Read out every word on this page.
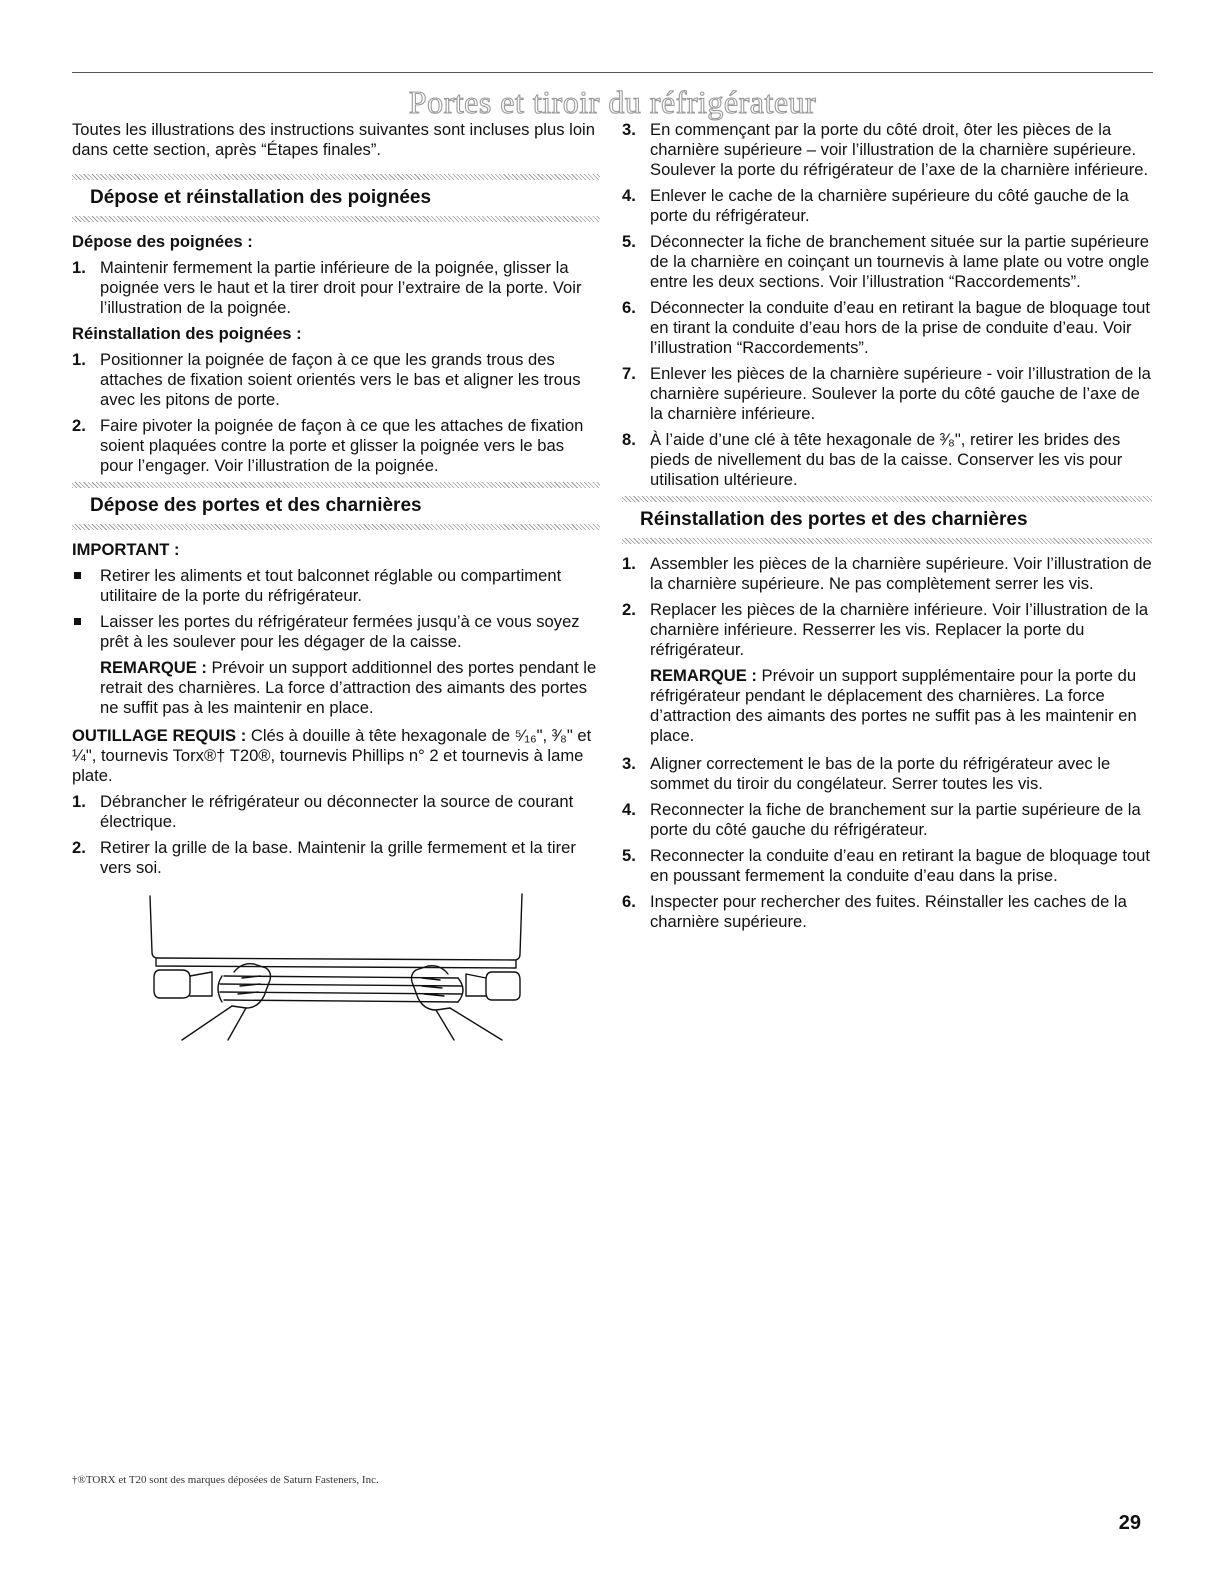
Portes et tiroir du réfrigérateur

Toutes les illustrations des instructions suivantes sont incluses plus loin dans cette section, après “Étapes finales”.

Dépose et réinstallation des poignées
Dépose des poignées :
1. Maintenir fermement la partie inférieure de la poignée, glisser la poignée vers le haut et la tirer droit pour l’extraire de la porte. Voir l’illustration de la poignée.
Réinstallation des poignées :
1. Positionner la poignée de façon à ce que les grands trous des attaches de fixation soient orientés vers le bas et aligner les trous avec les pitons de porte.
2. Faire pivoter la poignée de façon à ce que les attaches de fixation soient plaquées contre la porte et glisser la poignée vers le bas pour l’engager. Voir l’illustration de la poignée.
Dépose des portes et des charnières
IMPORTANT :
Retirer les aliments et tout balconnet réglable ou compartiment utilitaire de la porte du réfrigérateur.
Laisser les portes du réfrigérateur fermées jusqu’à ce vous soyez prêt à les soulever pour les dégager de la caisse.

REMARQUE : Prévoir un support additionnel des portes pendant le retrait des charnières. La force d’attraction des aimants des portes ne suffit pas à les maintenir en place.

OUTILLAGE REQUIS : Clés à douille à tête hexagonale de ⁵⁄₁₆", ³⁄₈" et ¼", tournevis Torx®† T20®, tournevis Phillips n° 2 et tournevis à lame plate.

1. Débrancher le réfrigérateur ou déconnecter la source de courant électrique.
2. Retirer la grille de la base. Maintenir la grille fermement et la tirer vers soi.
3. En commençant par la porte du côté droit, ôter les pièces de la charnière supérieure – voir l’illustration de la charnière supérieure. Soulever la porte du réfrigérateur de l’axe de la charnière inférieure.
4. Enlever le cache de la charnière supérieure du côté gauche de la porte du réfrigérateur.
5. Déconnecter la fiche de branchement située sur la partie supérieure de la charnière en coinçant un tournevis à lame plate ou votre ongle entre les deux sections. Voir l’illustration “Raccordements”.
6. Déconnecter la conduite d’eau en retirant la bague de bloquage tout en tirant la conduite d’eau hors de la prise de conduite d’eau. Voir l’illustration “Raccordements”.
7. Enlever les pièces de la charnière supérieure - voir l’illustration de la charnière supérieure. Soulever la porte du côté gauche de l’axe de la charnière inférieure.
8. À l’aide d’une clé à tête hexagonale de ³⁄₈", retirer les brides des pieds de nivellement du bas de la caisse. Conserver les vis pour utilisation ultérieure.
Réinstallation des portes et des charnières
1. Assembler les pièces de la charnière supérieure. Voir l’illustration de la charnière supérieure. Ne pas complètement serrer les vis.
2. Replacer les pièces de la charnière inférieure. Voir l’illustration de la charnière inférieure. Resserrer les vis. Replacer la porte du réfrigérateur.

REMARQUE : Prévoir un support supplémentaire pour la porte du réfrigérateur pendant le déplacement des charnières. La force d’attraction des aimants des portes ne suffit pas à les maintenir en place.

3. Aligner correctement le bas de la porte du réfrigérateur avec le sommet du tiroir du congélateur. Serrer toutes les vis.
4. Reconnecter la fiche de branchement sur la partie supérieure de la porte du côté gauche du réfrigérateur.
5. Reconnecter la conduite d’eau en retirant la bague de bloquage tout en poussant fermement la conduite d’eau dans la prise.
6. Inspecter pour rechercher des fuites. Réinstaller les caches de la charnière supérieure.
†®TORX et T20 sont des marques déposées de Saturn Fasteners, Inc.
29
